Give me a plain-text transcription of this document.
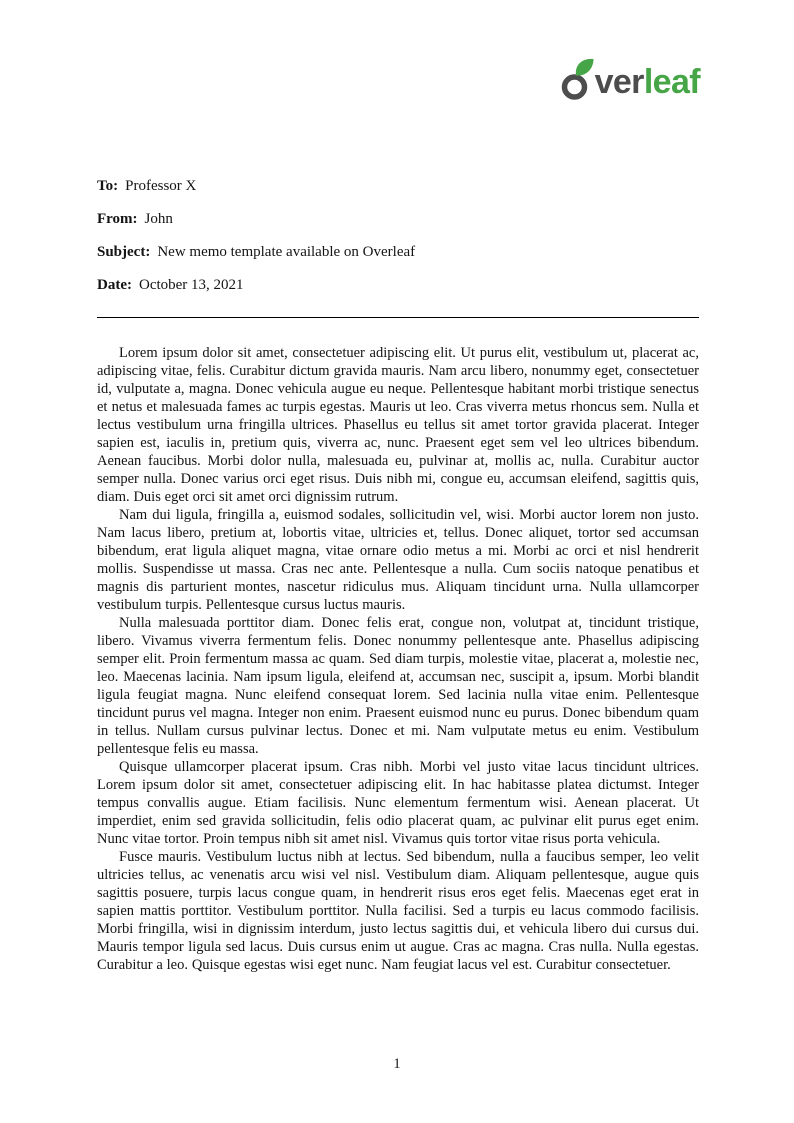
ver leaf
To: Professor X
From: John
Subject: New memo template available on Overleaf
Date: October 13, 2021

Lorem ipsum dolor sit amet, consectetuer adipiscing elit. Ut purus elit, vestibulum ut, placerat ac, adipiscing vitae, felis. Curabitur dictum gravida mauris. Nam arcu libero, nonummy eget, consectetuer id, vulputate a, magna. Donec vehicula augue eu neque. Pellentesque habitant morbi tristique senectus et netus et malesuada fames ac turpis egestas. Mauris ut leo. Cras viverra metus rhoncus sem. Nulla et lectus vestibulum urna fringilla ultrices. Phasellus eu tellus sit amet tortor gravida placerat. Integer sapien est, iaculis in, pretium quis, viverra ac, nunc. Praesent eget sem vel leo ultrices bibendum. Aenean faucibus. Morbi dolor nulla, malesuada eu, pulvinar at, mollis ac, nulla. Curabitur auctor semper nulla. Donec varius orci eget risus. Duis nibh mi, congue eu, accumsan eleifend, sagittis quis, diam. Duis eget orci sit amet orci dignissim rutrum.

Nam dui ligula, fringilla a, euismod sodales, sollicitudin vel, wisi. Morbi auctor lorem non justo. Nam lacus libero, pretium at, lobortis vitae, ultricies et, tellus. Donec aliquet, tortor sed accumsan bibendum, erat ligula aliquet magna, vitae ornare odio metus a mi. Morbi ac orci et nisl hendrerit mollis. Suspendisse ut massa. Cras nec ante. Pellentesque a nulla. Cum sociis natoque penatibus et magnis dis parturient montes, nascetur ridiculus mus. Aliquam tincidunt urna. Nulla ullamcorper vestibulum turpis. Pellentesque cursus luctus mauris.

Nulla malesuada porttitor diam. Donec felis erat, congue non, volutpat at, tincidunt tristique, libero. Vivamus viverra fermentum felis. Donec nonummy pellentesque ante. Phasellus adipiscing semper elit. Proin fermentum massa ac quam. Sed diam turpis, molestie vitae, placerat a, molestie nec, leo. Maecenas lacinia. Nam ipsum ligula, eleifend at, accumsan nec, suscipit a, ipsum. Morbi blandit ligula feugiat magna. Nunc eleifend consequat lorem. Sed lacinia nulla vitae enim. Pellentesque tincidunt purus vel magna. Integer non enim. Praesent euismod nunc eu purus. Donec bibendum quam in tellus. Nullam cursus pulvinar lectus. Donec et mi. Nam vulputate metus eu enim. Vestibulum pellentesque felis eu massa.

Quisque ullamcorper placerat ipsum. Cras nibh. Morbi vel justo vitae lacus tincidunt ultrices. Lorem ipsum dolor sit amet, consectetuer adipiscing elit. In hac habitasse platea dictumst. Integer tempus convallis augue. Etiam facilisis. Nunc elementum fermentum wisi. Aenean placerat. Ut imperdiet, enim sed gravida sollicitudin, felis odio placerat quam, ac pulvinar elit purus eget enim. Nunc vitae tortor. Proin tempus nibh sit amet nisl. Vivamus quis tortor vitae risus porta vehicula.

Fusce mauris. Vestibulum luctus nibh at lectus. Sed bibendum, nulla a faucibus semper, leo velit ultricies tellus, ac venenatis arcu wisi vel nisl. Vestibulum diam. Aliquam pellentesque, augue quis sagittis posuere, turpis lacus congue quam, in hendrerit risus eros eget felis. Maecenas eget erat in sapien mattis porttitor. Vestibulum porttitor. Nulla facilisi. Sed a turpis eu lacus commodo facilisis. Morbi fringilla, wisi in dignissim interdum, justo lectus sagittis dui, et vehicula libero dui cursus dui. Mauris tempor ligula sed lacus. Duis cursus enim ut augue. Cras ac magna. Cras nulla. Nulla egestas. Curabitur a leo. Quisque egestas wisi eget nunc. Nam feugiat lacus vel est. Curabitur consectetuer.

1
